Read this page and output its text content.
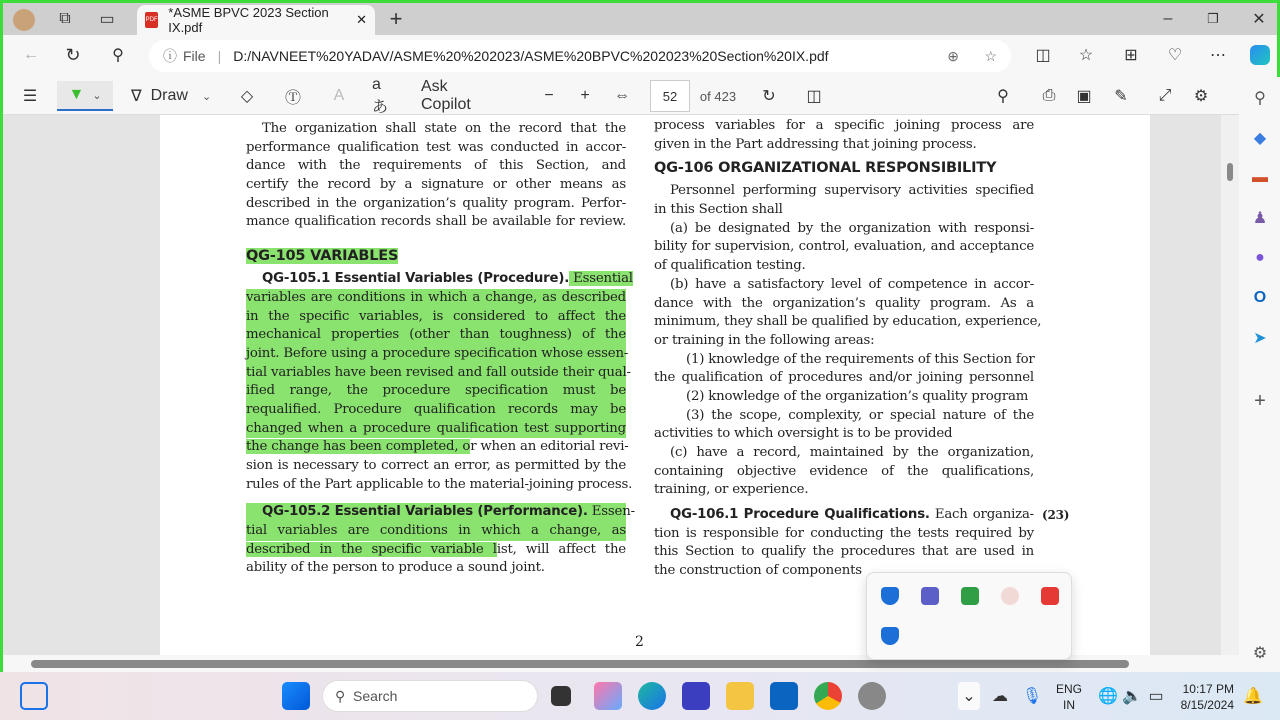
⧉ ▭	PDF *ASME BPVC 2023 Section IX.pdf
✕ +	–	❐ ✕
← ↻ ⚲	ⓘ File | D:/NAVNEET%20YADAV/ASME%20%202023/ASME%20BPVC%202023%20Section%20IX.pdf	⊕ ☆ ◫ ☆ ⊞ ♡ ⋯
☰	▼ ⌄ ∇
Draw ⌄ ◇ Ⓣ A
aあ
Ask Copilot
−	+	⇔	52	of 423 ↻ ◫	⚲ ⎙ ▣ ✎ ⤢ ⚙
The organization shall state on the record that the
performance qualification test was conducted in accor-
dance with the requirements of this Section, and
certify the record by a signature or other means as
described in the organization’s quality program. Perfor-
mance qualification records shall be available for review.
QG-105 VARIABLES
QG-105.1 Essential Variables (Procedure). Essential
variables are conditions in which a change, as described
in the specific variables, is considered to affect the
mechanical properties (other than toughness) of the
joint. Before using a procedure specification whose essen-
tial variables have been revised and fall outside their qual-
ified range, the procedure specification must be
requalified. Procedure qualification records may be
changed when a procedure qualification test supporting
the change has been completed, or when an editorial revi-
sion is necessary to correct an error, as permitted by the
rules of the Part applicable to the material-joining process.
QG-105.2 Essential Variables (Performance). Essen-
tial variables are conditions in which a change, as
described in the specific variable list, will affect the
ability of the person to produce a sound joint.
process variables for a specific joining process are
given in the Part addressing that joining process.
QG-106 ORGANIZATIONAL RESPONSIBILITY
Personnel performing supervisory activities specified
in this Section shall
(a) be designated by the organization with responsi-
bility for supervision, control, evaluation, and acceptance
of qualification testing.
(b) have a satisfactory level of competence in accor-
dance with the organization’s quality program. As a
minimum, they shall be qualified by education, experience,
or training in the following areas:
(1) knowledge of the requirements of this Section for
the qualification of procedures and/or joining personnel
(2) knowledge of the organization’s quality program
(3) the scope, complexity, or special nature of the
activities to which oversight is to be provided
(c) have a record, maintained by the organization,
containing objective evidence of the qualifications,
training, or experience.
QG-106.1 Procedure Qualifications. Each organiza- (23)
tion is responsible for conducting the tests required by
this Section to qualify the procedures that are used in
the construction of components
2
⚲
◆
▬
♟
●
O
➤
+
⚙
⚲
Search	⌄ ☁ 🎙 ENG
IN	🌐 🔈 ▭	10:17 PM
8/15/2024 🔔
